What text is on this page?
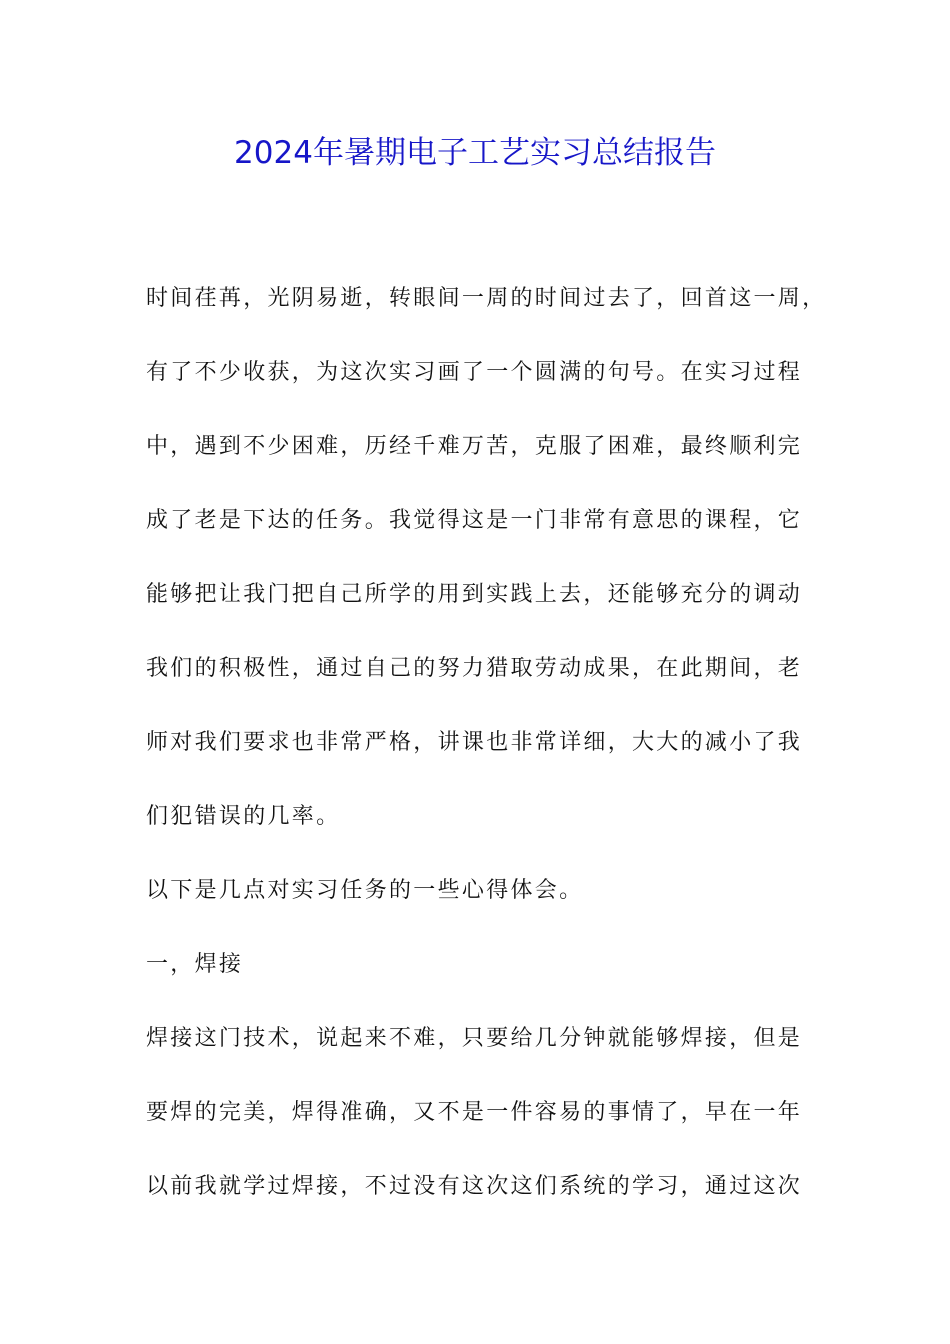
2024年暑期电子工艺实习总结报告
时间荏苒，光阴易逝，转眼间一周的时间过去了，回首这一周，
有了不少收获，为这次实习画了一个圆满的句号。在实习过程
中，遇到不少困难，历经千难万苦，克服了困难，最终顺利完
成了老是下达的任务。我觉得这是一门非常有意思的课程，它
能够把让我门把自己所学的用到实践上去，还能够充分的调动
我们的积极性，通过自己的努力猎取劳动成果，在此期间，老
师对我们要求也非常严格，讲课也非常详细，大大的减小了我
们犯错误的几率。
以下是几点对实习任务的一些心得体会。
一，焊接
焊接这门技术，说起来不难，只要给几分钟就能够焊接，但是
要焊的完美，焊得准确，又不是一件容易的事情了，早在一年
以前我就学过焊接，不过没有这次这们系统的学习，通过这次
